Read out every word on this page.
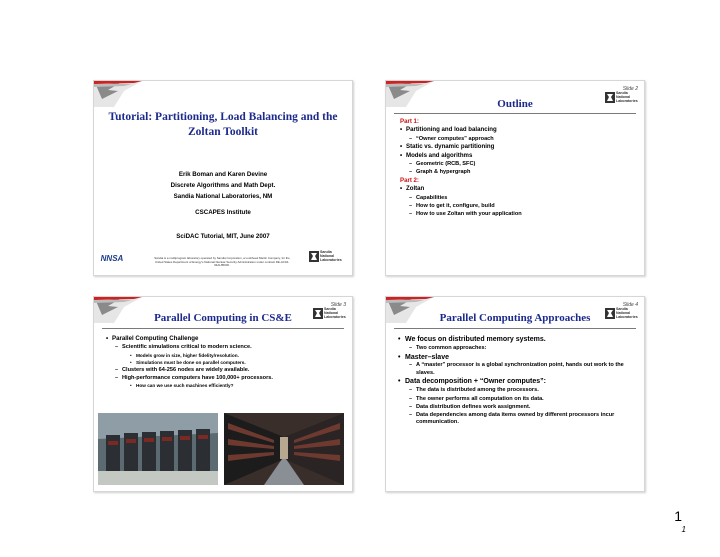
Tutorial: Partitioning, Load Balancing and the Zoltan Toolkit
Erik Boman and Karen Devine
Discrete Algorithms and Math Dept.
Sandia National Laboratories, NM
CSCAPES Institute
SciDAC Tutorial, MIT, June 2007
NNSA	Sandia is a multiprogram laboratory operated by Sandia Corporation, a Lockheed Martin Company, for the United States Department of Energy's National Nuclear Security Administration under contract DE-AC04-94AL85000.
Sandia National Laboratories
Slide 2
Sandia National Laboratories
Outline
Part 1:
• Partitioning and load balancing
– “Owner computes” approach
• Static vs. dynamic partitioning
• Models and algorithms
– Geometric (RCB, SFC)
– Graph & hypergraph
Part 2:
• Zoltan
– Capabilities
– How to get it, configure, build
– How to use Zoltan with your application
Slide 3
Sandia National Laboratories
Parallel Computing in CS&E
• Parallel Computing Challenge
– Scientific simulations critical to modern science.
• Models grow in size, higher fidelity/resolution.
• Simulations must be done on parallel computers.
– Clusters with 64-256 nodes are widely available.
– High-performance computers have 100,000+ processors.
• How can we use such machines efficiently?
Slide 4
Sandia National Laboratories
Parallel Computing Approaches
• We focus on distributed memory systems.
– Two common approaches:
• Master–slave
– A “master” processor is a global synchronization point, hands out work to the slaves.
• Data decomposition + “Owner computes”:
– The data is distributed among the processors.
– The owner performs all computation on its data.
– Data distribution defines work assignment.
– Data dependencies among data items owned by different processors incur communication.
1
1
